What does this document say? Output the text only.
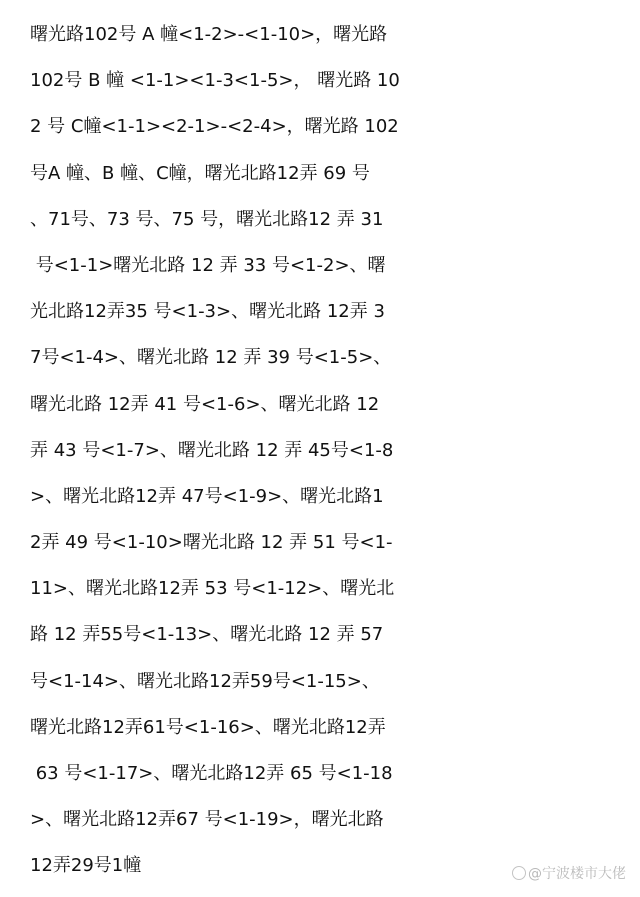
曙光路102号 A 幢<1-2>-<1-10>，曙光路
102号 B 幢 <1-1><1-3<1-5>， 曙光路 10
2 号 C幢<1-1><2-1>-<2-4>，曙光路 102
号A 幢、B 幢、C幢，曙光北路12弄 69 号
、71号、73 号、75 号，曙光北路12 弄 31
号<1-1>曙光北路 12 弄 33 号<1-2>、曙
光北路12弄35 号<1-3>、曙光北路 12弄 3
7号<1-4>、曙光北路 12 弄 39 号<1-5>、
曙光北路 12弄 41 号<1-6>、曙光北路 12
弄 43 号<1-7>、曙光北路 12 弄 45号<1-8
>、曙光北路12弄 47号<1-9>、曙光北路1
2弄 49 号<1-10>曙光北路 12 弄 51 号<1-
11>、曙光北路12弄 53 号<1-12>、曙光北
路 12 弄55号<1-13>、曙光北路 12 弄 57
号<1-14>、曙光北路12弄59号<1-15>、
曙光北路12弄61号<1-16>、曙光北路12弄
63 号<1-17>、曙光北路12弄 65 号<1-18
>、曙光北路12弄67 号<1-19>，曙光北路
12弄29号1幢	@宁波楼市大佬
